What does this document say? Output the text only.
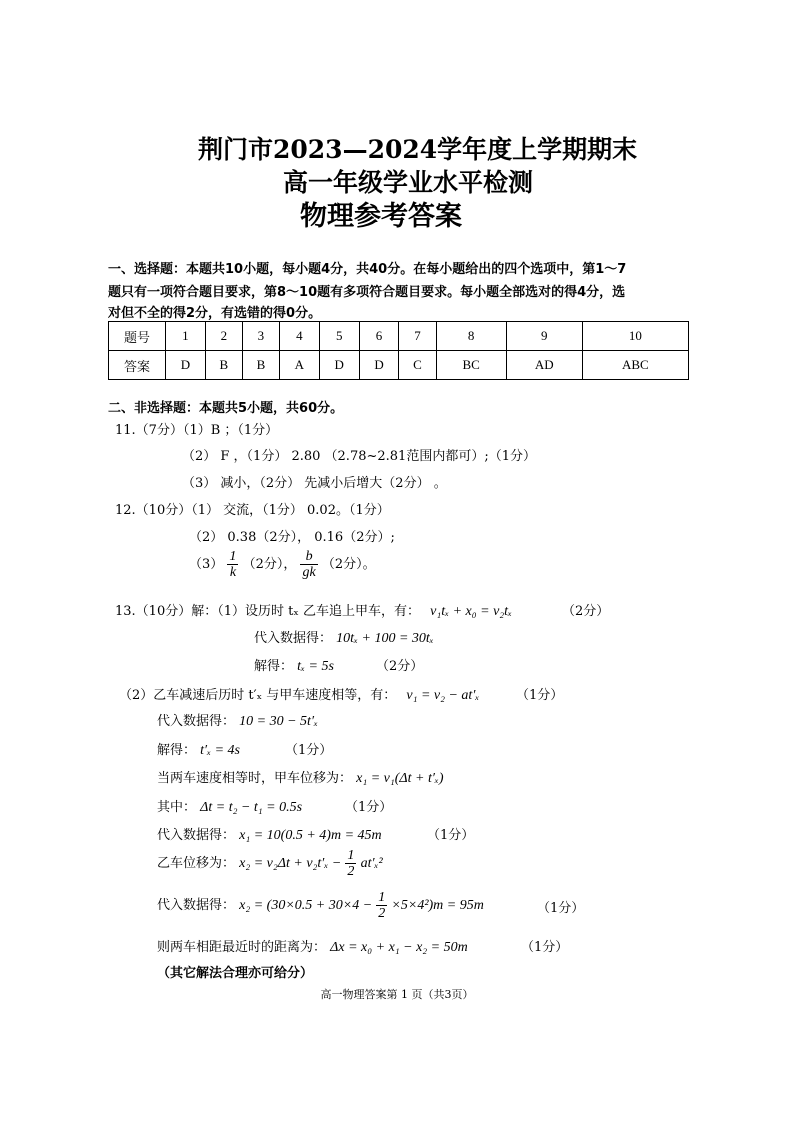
荆门市2023—2024学年度上学期期末
高一年级学业水平检测
物理参考答案
一、选择题：本题共10小题，每小题4分，共40分。在每小题给出的四个选项中，第1～7
题只有一项符合题目要求，第8～10题有多项符合题目要求。每小题全部选对的得4分，选
对但不全的得2分，有选错的得0分。
题号	1	2	3	4	5	6	7	8	9	10
答案	D	B	B	A	D	D	C	BC	AD	ABC
二、非选择题：本题共5小题，共60分。
11.（7分）（1）B ；（1分）
（2） F ，（1分） 2.80 （2.78~2.81范围内都可）;（1分）
（3） 减小，（2分） 先减小后增大（2分） 。
12.（10分）（1） 交流，（1分） 0.02。（1分）
（2） 0.38（2分）， 0.16（2分）;
$(3) \frac{1}{k} (2$分）， $\frac{b}{gk} (2$分）。
13.（10分）解：（1）设历时 tₓ 乙车追上甲车，有： v₁tₓ + x₀ = v₂tₓ	（2分）
代入数据得： 10tₓ + 100 = 30tₓ
解得： tₓ = 5s	（2分）
（2）乙车减速后历时 t′ₓ 与甲车速度相等，有： v₁ = v₂ − at′ₓ	（1分）
代入数据得： 10 = 30 − 5t′ₓ
解得： t′ₓ = 4s	（1分）
当两车速度相等时，甲车位移为： x₁ = v₁(Δt + t′ₓ)
其中： Δt = t₂ − t₁ = 0.5s	（1分）
代入数据得： x₁ = 10(0.5 + 4)m = 45m	（1分）
乙车位移为： $x_2 = v_2\Delta t + v_2t'_x - \frac{1}{2} at'_x^2$
代入数据得： $x_2 = (30\times 0.5 + 30\times 4 - \frac{1}{2} \times 5\times 4^2)m = 95m$	（1分）
则两车相距最近时的距离为： Δx = x₀ + x₁ − x₂ = 50m	（1分）
（其它解法合理亦可给分）
高一物理答案第 1 页（共3页）
